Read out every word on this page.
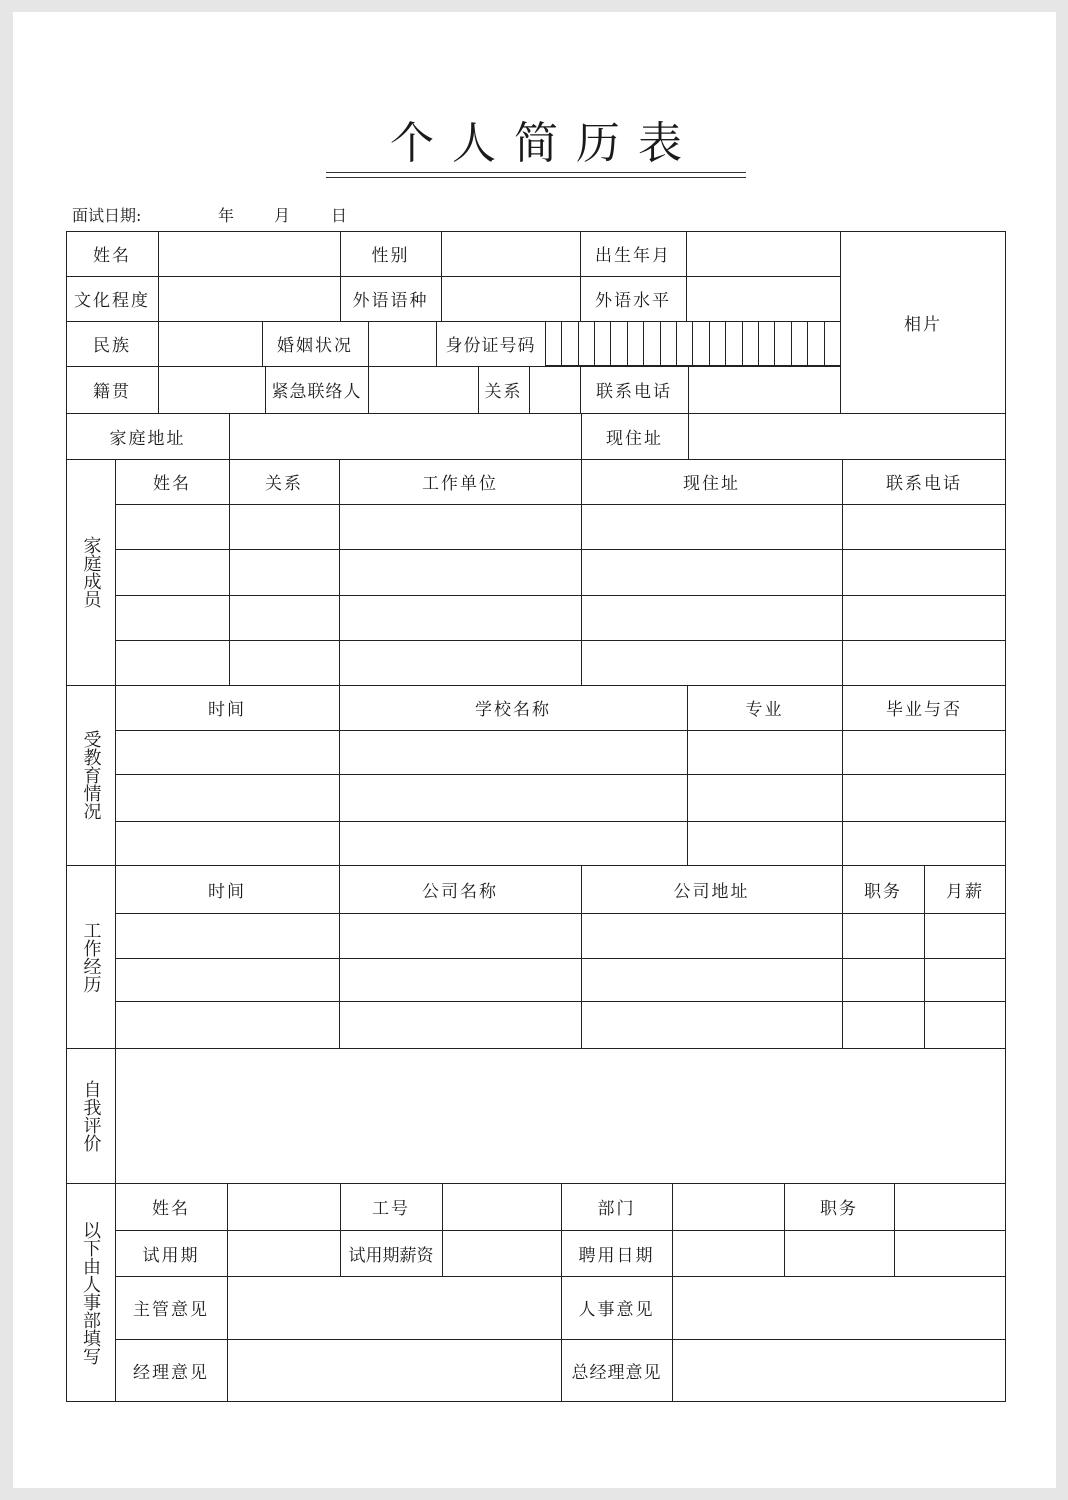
个人简历表
面试日期:	年 月	日
姓名	性别	出生年月
文化程度	外语语种	外语水平
民族	婚姻状况	身份证号码
籍贯	紧急联络人	关系	联系电话
家庭地址	现住址
相片
家庭成员
姓名	关系	工作单位	现住址	联系电话
受教育情况
时间	学校名称	专业	毕业与否
工作经历
时间	公司名称	公司地址	职务	月薪
自我评价
以下由人事部填写
姓名	工号	部门	职务
试用期	试用期薪资	聘用日期
主管意见	人事意见
经理意见	总经理意见
